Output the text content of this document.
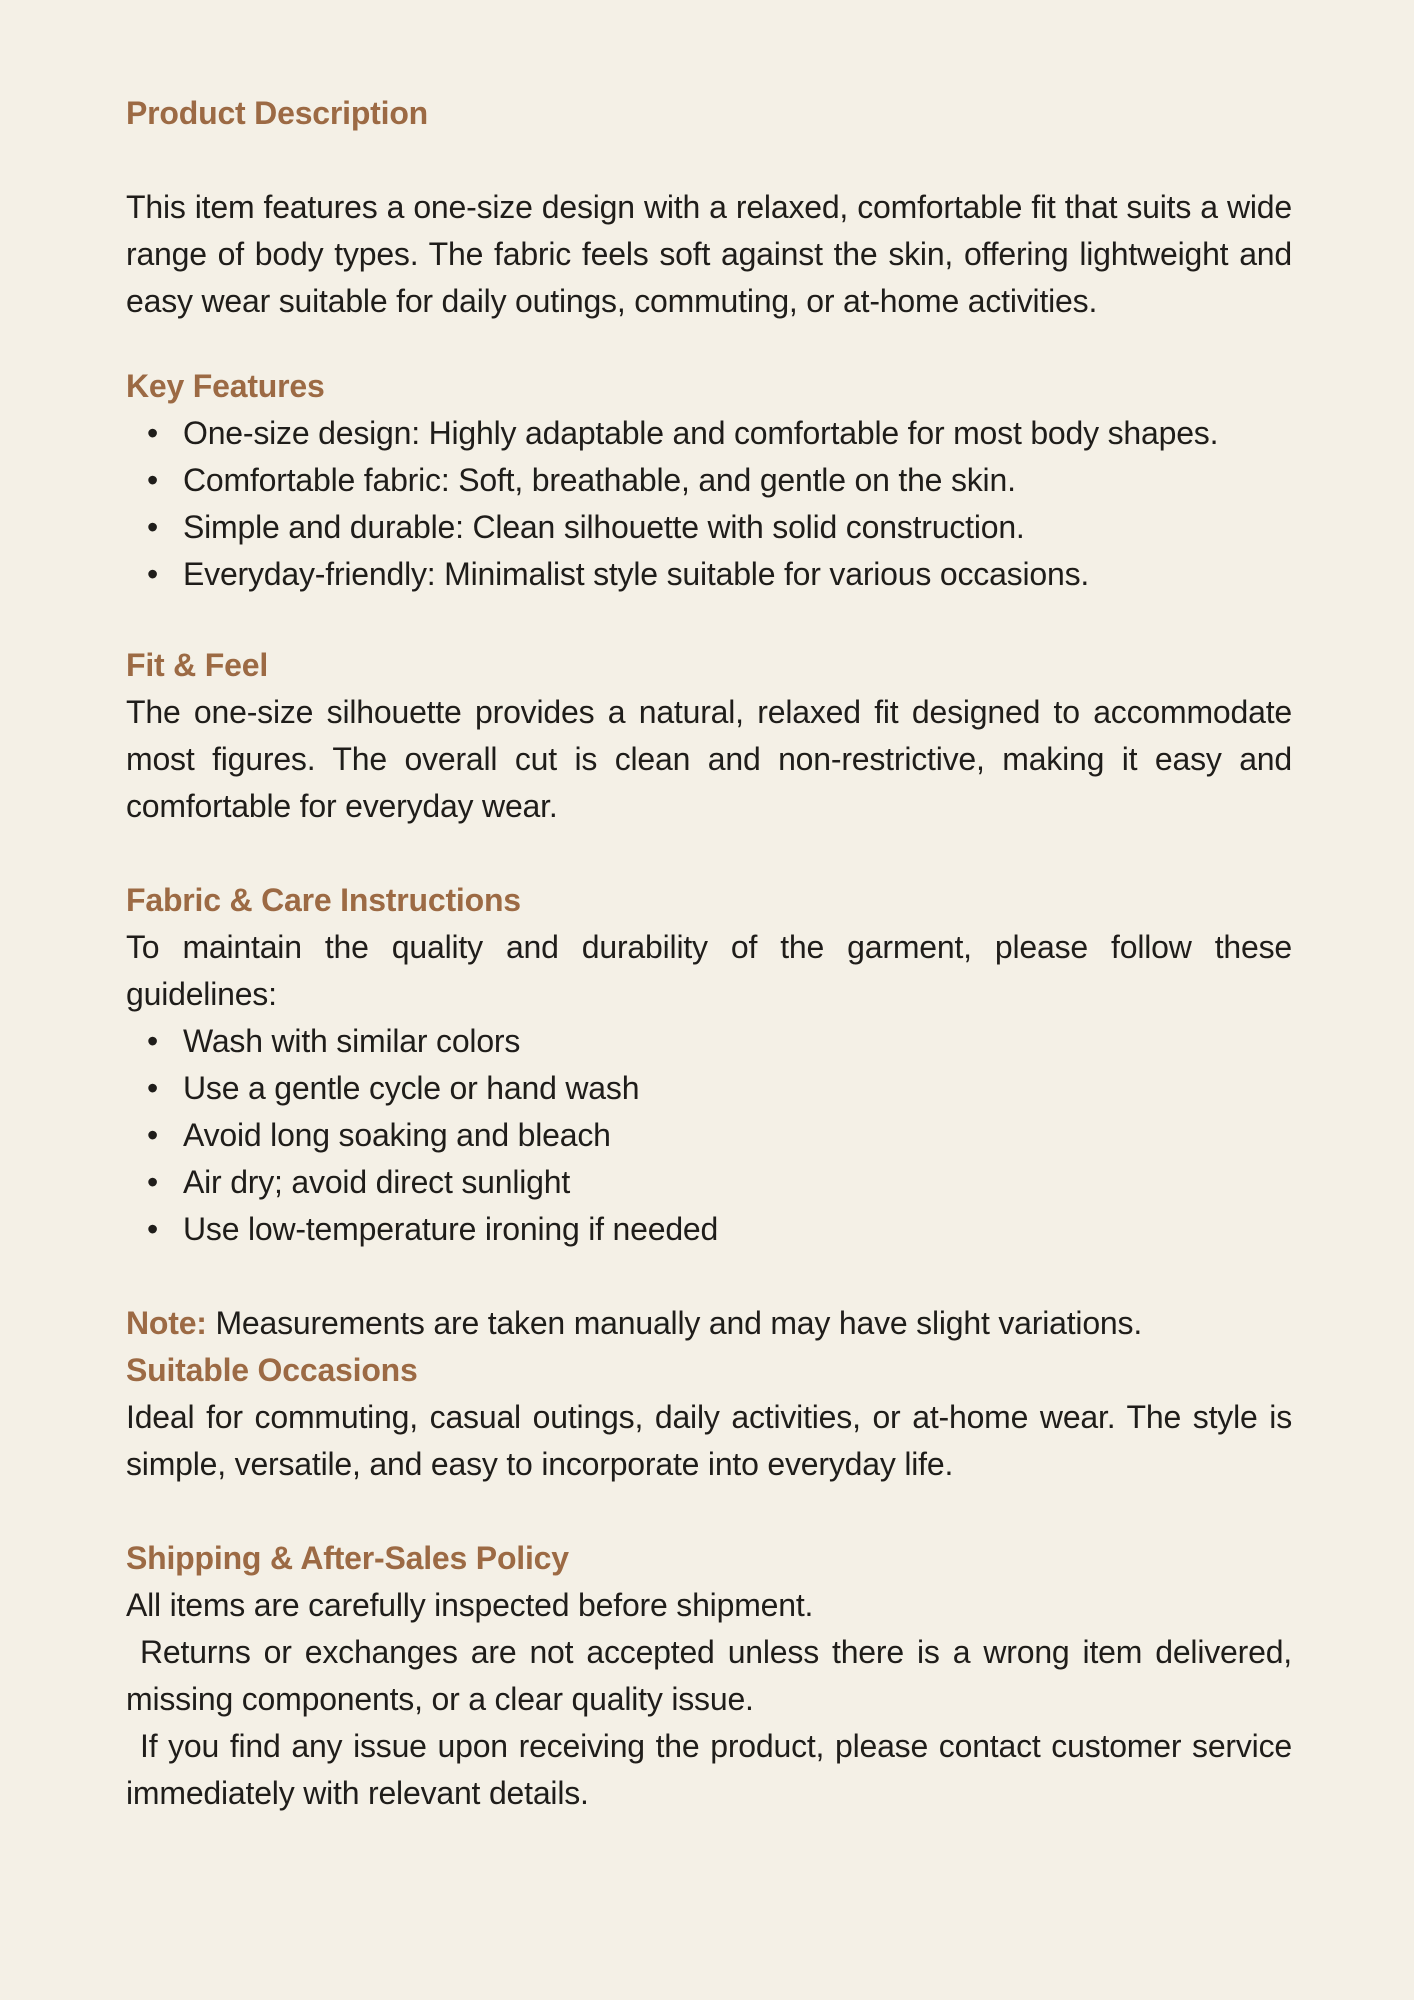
Product Description

This item features a one-size design with a relaxed, comfortable fit that suits a wide range of body types. The fabric feels soft against the skin, offering lightweight and easy wear suitable for daily outings, commuting, or at-home activities.

Key Features
• One-size design: Highly adaptable and comfortable for most body shapes.
• Comfortable fabric: Soft, breathable, and gentle on the skin.
• Simple and durable: Clean silhouette with solid construction.
• Everyday-friendly: Minimalist style suitable for various occasions.
Fit & Feel

The one-size silhouette provides a natural, relaxed fit designed to accommodate most figures. The overall cut is clean and non-restrictive, making it easy and comfortable for everyday wear.

Fabric & Care Instructions

To maintain the quality and durability of the garment, please follow these guidelines:

• Wash with similar colors
• Use a gentle cycle or hand wash
• Avoid long soaking and bleach
• Air dry; avoid direct sunlight
• Use low-temperature ironing if needed

Note: Measurements are taken manually and may have slight variations.

Suitable Occasions

Ideal for commuting, casual outings, daily activities, or at-home wear. The style is simple, versatile, and easy to incorporate into everyday life.

Shipping & After-Sales Policy

All items are carefully inspected before shipment.

Returns or exchanges are not accepted unless there is a wrong item delivered, missing components, or a clear quality issue.

If you find any issue upon receiving the product, please contact customer service immediately with relevant details.
